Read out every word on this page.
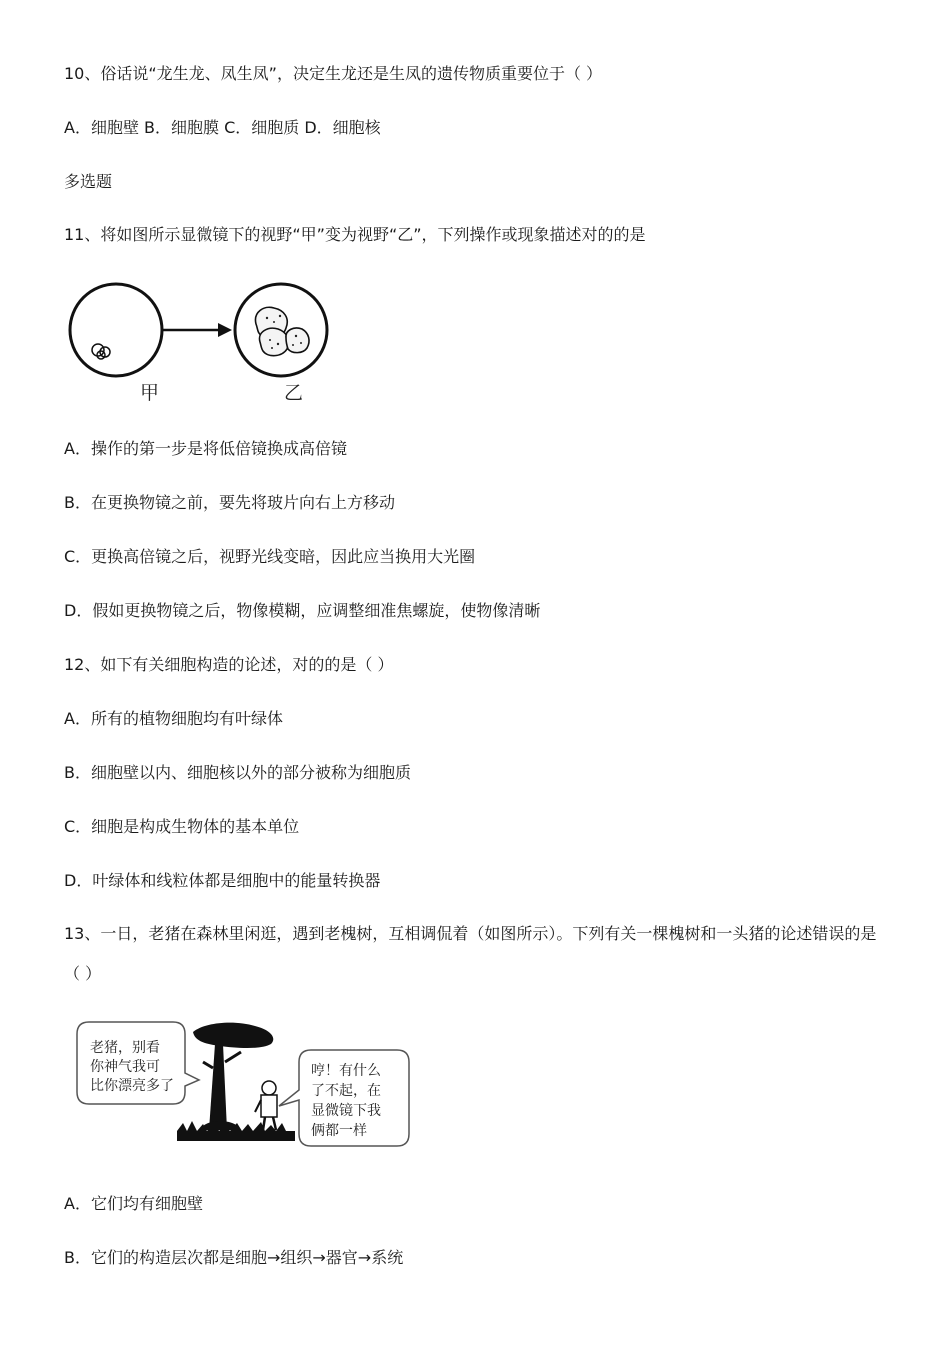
10、俗话说“龙生龙、凤生凤”，决定生龙还是生凤的遗传物质重要位于（ ）
A．细胞壁 B．细胞膜 C．细胞质 D．细胞核
多选题
11、将如图所示显微镜下的视野“甲”变为视野“乙”，下列操作或现象描述对的的是
甲	乙
A．操作的第一步是将低倍镜换成高倍镜
B．在更换物镜之前，要先将玻片向右上方移动
C．更换高倍镜之后，视野光线变暗，因此应当换用大光圈
D．假如更换物镜之后，物像模糊，应调整细准焦螺旋，使物像清晰
12、如下有关细胞构造的论述，对的的是（ ）
A．所有的植物细胞均有叶绿体
B．细胞壁以内、细胞核以外的部分被称为细胞质
C．细胞是构成生物体的基本单位
D．叶绿体和线粒体都是细胞中的能量转换器
13、一日，老猪在森林里闲逛，遇到老槐树，互相调侃着（如图所示）。下列有关一棵槐树和一头猪的论述错误的是（ ）
老猪，别看
你神气我可
比你漂亮多了
哼！有什么
了不起，在
显微镜下我
俩都一样
A．它们均有细胞壁
B．它们的构造层次都是细胞→组织→器官→系统
